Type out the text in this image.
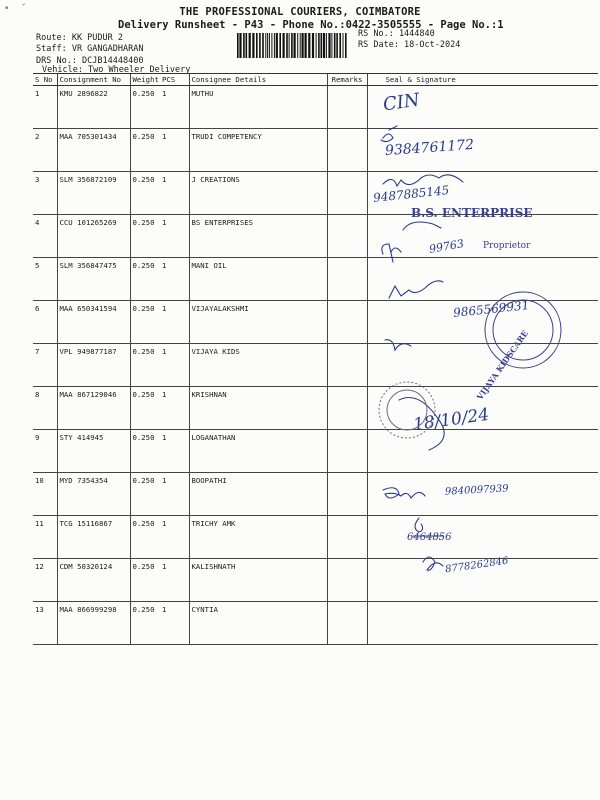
• ˇ	THE PROFESSIONAL COURIERS, COIMBATORE
Delivery Runsheet - P43 - Phone No.:0422-3505555 - Page No.:1
Route: KK PUDUR 2
Staff: VR GANGADHARAN
DRS No.: DCJB14448400
Vehicle: Two Wheeler Delivery
RS No.: 1444840
RS Date: 18-Oct-2024
S No	Consignment No	Weight	PCS	Consignee Details	Remarks	Seal & Signature
1	KMU 2896822	0.250	1	MUTHU		
2	MAA 705301434	0.250	1	TRUDI COMPETENCY		
3	SLM 356872109	0.250	1	J CREATIONS		
4	CCU 101265269	0.250	1	BS ENTERPRISES		
5	SLM 356847475	0.250	1	MANI OIL		
6	MAA 650341594	0.250	1	VIJAYALAKSHMI		
7	VPL 949877187	0.250	1	VIJAYA KIDS		
8	MAA 867129046	0.250	1	KRISHNAN		
9	STY 414945	0.250	1	LOGANATHAN		
10	MYD 7354354	0.250	1	BOOPATHI		
11	TCG 15116867	0.250	1	TRICHY AMK		
12	CDM 50320124	0.250	1	KALISHNATH		
13	MAA 866999298	0.250	1	CYNTIA		
CIN
9384761172
9487885145
B.S. ENTERPRISE
Proprietor
99763
9865569931
VIJAYA KIDSCARE
18/10/24
9840097939
6464856
8778262846
